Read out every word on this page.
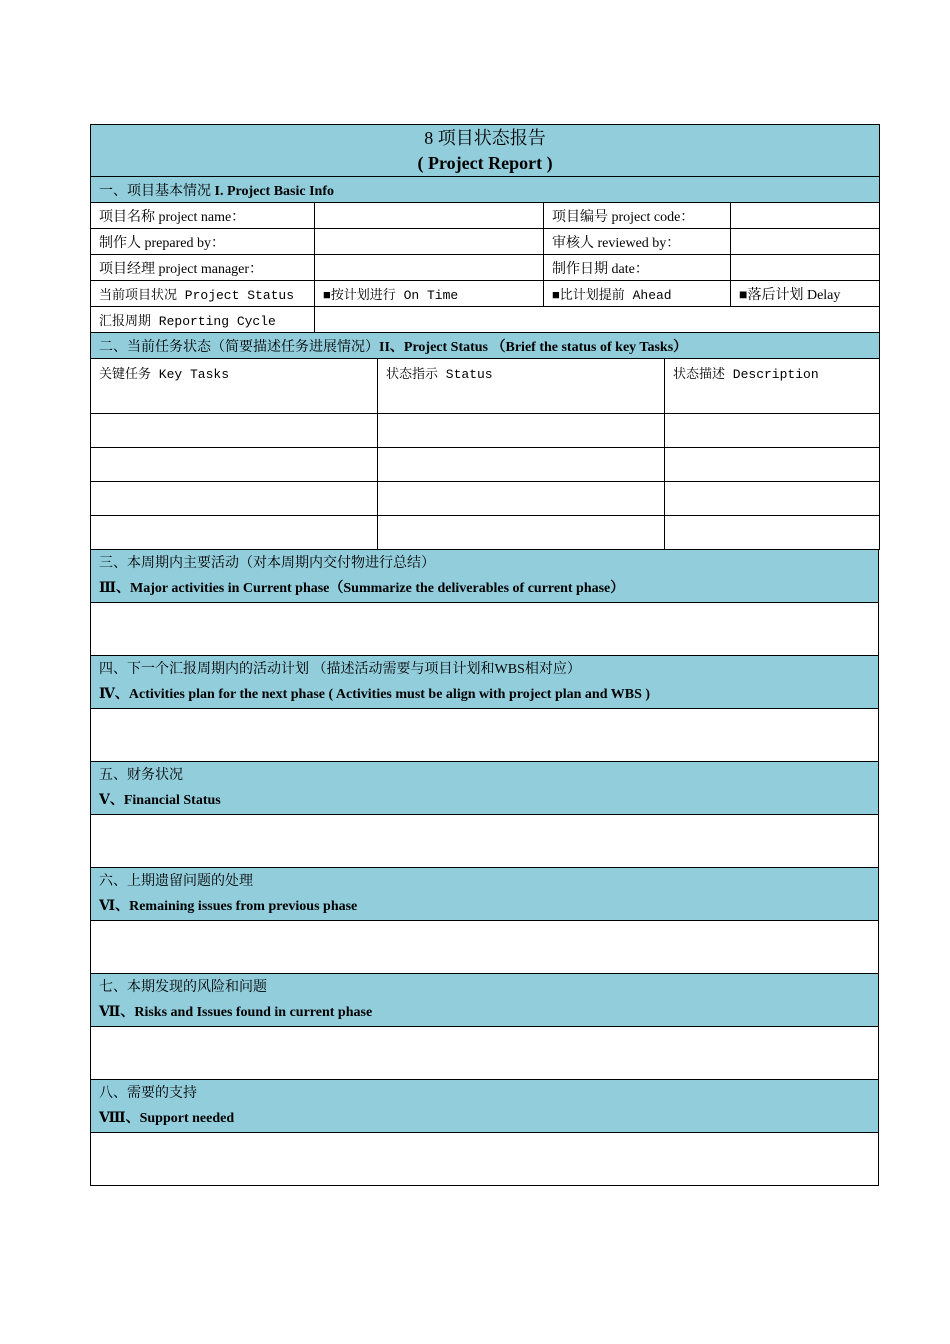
8 项目状态报告
( Project Report )			

一、项目基本情况 I. Project Basic Info			
项目名称 project name：		项目编号 project code：	
制作人 prepared by：		审核人 reviewed by：	
项目经理 project manager：		制作日期 date：	
当前项目状况 Project Status	■按计划进行 On Time	■比计划提前 Ahead	■落后计划 Delay
汇报周期 Reporting Cycle			
二、当前任务状态（简要描述任务进展情况）II、Project Status （Brief the status of key Tasks）			
关键任务 Key Tasks	状态指示 Status	状态描述 Description

三、本周期内主要活动（对本周期内交付物进行总结）
Ⅲ、Major activities in Current phase（Summarize the deliverables of current phase）

四、下一个汇报周期内的活动计划 （描述活动需要与项目计划和WBS相对应）
Ⅳ、Activities plan for the next phase ( Activities must be align with project plan and WBS )

五、财务状况
Ⅴ、Financial Status

六、上期遗留问题的处理
Ⅵ、Remaining issues from previous phase

七、本期发现的风险和问题
Ⅶ、Risks and Issues found in current phase

八、需要的支持
Ⅷ、Support needed
